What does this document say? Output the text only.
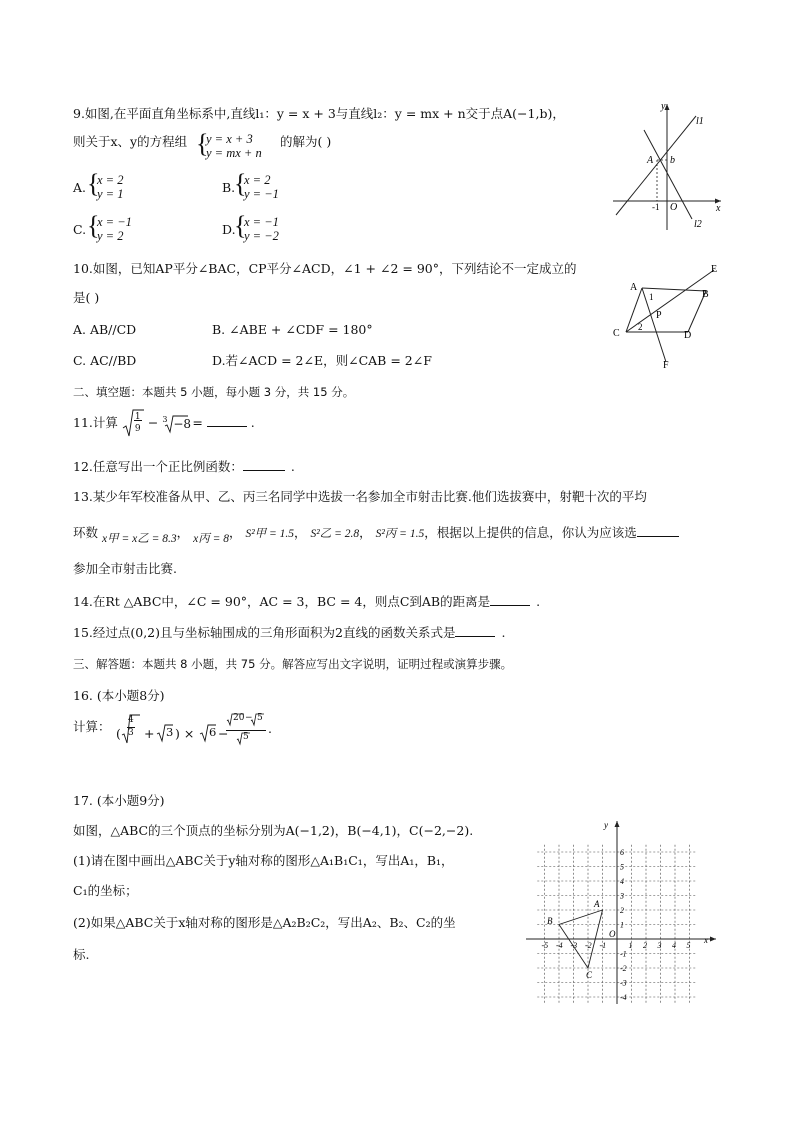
9.如图,在平面直角坐标系中,直线l₁：y = x + 3与直线l₂：y = mx + n交于点A(−1,b)，
则关于x、y的方程组 {
y = x + 3
y = mx + n
的解为( )
A. {
x = 2
y = 1	B.
{
x = 2
y = −1
C. {
x = −1
y = 2	D.
{
x = −1
y = −2
y
x
l1
l2
A b
-1 O
10.如图，已知AP平分∠BAC，CP平分∠ACD，∠1 + ∠2 = 90°，下列结论不一定成立的
是( )
A. AB//CD	B. ∠ABE + ∠CDF = 180°
C. AC//BD	D.若∠ACD = 2∠E，则∠CAB = 2∠F
E
A
1	B
P
C
2
D
F
二、填空题：本题共 5 小题，每小题 3 分，共 15 分。
11.计算 $\frac{1}{9} - 3 -8$ =	.
12.任意写出一个正比例函数：	.
13.某少年军校准备从甲、乙、丙三名同学中选拔一名参加全市射击比赛.他们选拔赛中，射靶十次的平均
环数 x甲 = x乙 = 8.3， x丙 = 8， S²甲 = 1.5， S²乙 = 2.8， S²丙 = 1.5，根据以上提供的信息，你认为应该选
参加全市射击比赛.
14.在Rt △ABC中，∠C = 90°，AC = 3，BC = 4，则点C到AB的距离是	.
15.经过点(0,2)且与坐标轴围成的三角形面积为2直线的函数关系式是	.
三、解答题：本题共 8 小题，共 75 分。解答应写出文字说明，证明过程或演算步骤。
16. (本小题8分)
计算： (
4
3 + 3 ) × 6 −
20 − 5
5
.
17. (本小题9分)
如图，△ABC的三个顶点的坐标分别为A(−1,2)，B(−4,1)，C(−2,−2).
(1)请在图中画出△ABC关于y轴对称的图形△A₁B₁C₁，写出A₁，B₁，
C₁的坐标；
(2)如果△ABC关于x轴对称的图形是△A₂B₂C₂，写出A₂、B₂、C₂的坐
标.
-5 -4 -3 -2 -1	1 2 3 4 5
6
5
4
3
2
1
-1
-2
-3
-4
x
y
O
A
B
C
